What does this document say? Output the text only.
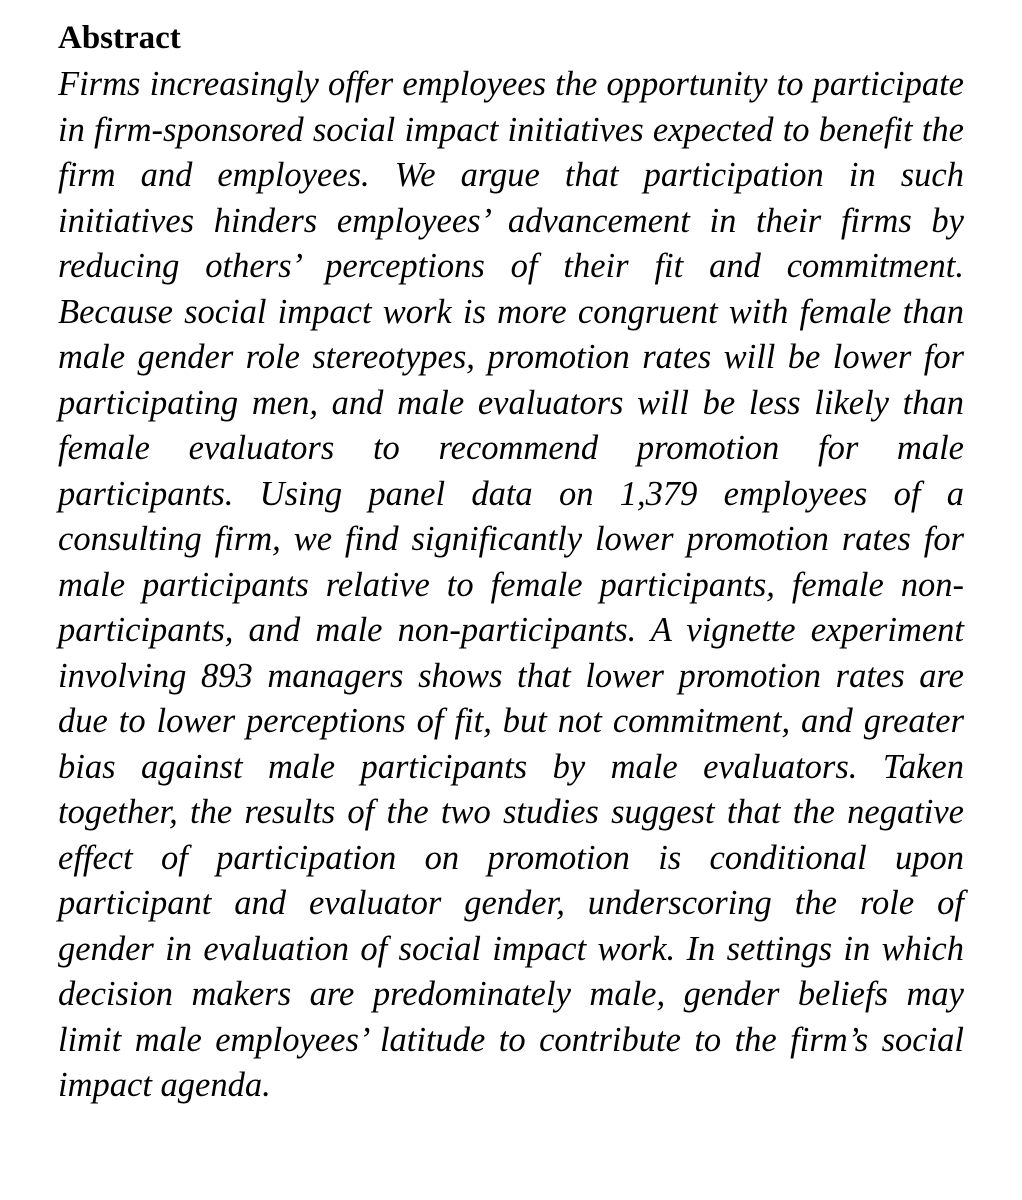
Abstract

Firms increasingly offer employees the opportunity to participate in firm-sponsored social impact initiatives expected to benefit the firm and employees. We argue that participation in such initiatives hinders employees’ advancement in their firms by reducing others’ perceptions of their fit and commitment. Because social impact work is more congruent with female than male gender role stereotypes, promotion rates will be lower for participating men, and male evaluators will be less likely than female evaluators to recommend promotion for male participants. Using panel data on 1,379 employees of a consulting firm, we find significantly lower promotion rates for male participants relative to female participants, female non-participants, and male non-participants. A vignette experiment involving 893 managers shows that lower promotion rates are due to lower perceptions of fit, but not commitment, and greater bias against male participants by male evaluators. Taken together, the results of the two studies suggest that the negative effect of participation on promotion is conditional upon participant and evaluator gender, underscoring the role of gender in evaluation of social impact work. In settings in which decision makers are predominately male, gender beliefs may limit male employees’ latitude to contribute to the firm’s social impact agenda.
